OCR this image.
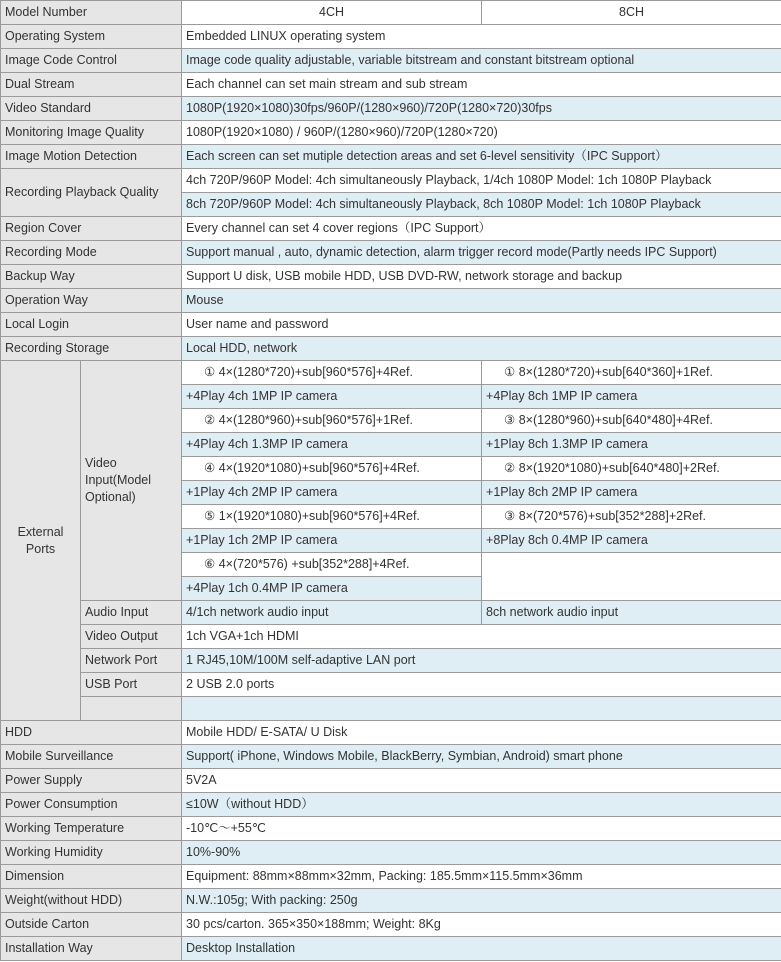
Model Number		4CH	8CH
Operating System		Embedded LINUX operating system	
Image Code Control		Image code quality adjustable, variable bitstream and constant bitstream optional	
Dual Stream		Each channel can set main stream and sub stream	
Video Standard		1080P(1920×1080)30fps/960P/(1280×960)/720P(1280×720)30fps	
Monitoring Image Quality		1080P(1920×1080) / 960P/(1280×960)/720P(1280×720)	
Image Motion Detection		Each screen can set mutiple detection areas and set 6-level sensitivity（IPC Support）	
Recording Playback Quality		4ch 720P/960P Model: 4ch simultaneously Playback, 1/4ch 1080P Model: 1ch 1080P Playback	
		8ch 720P/960P Model: 4ch simultaneously Playback, 8ch 1080P Model: 1ch 1080P Playback	
Region Cover		Every channel can set 4 cover regions（IPC Support）	
Recording Mode		Support manual , auto, dynamic detection, alarm trigger record mode(Partly needs IPC Support)	
Backup Way		Support U disk, USB mobile HDD, USB DVD-RW, network storage and backup	
Operation Way		Mouse	
Local Login		User name and password	
Recording Storage		Local HDD, network	
External Ports	Video Input(Model Optional)	① 4×(1280*720)+sub[960*576]+4Ref.	① 8×(1280*720)+sub[640*360]+1Ref.
		+4Play 4ch 1MP IP camera	+4Play 8ch 1MP IP camera
		② 4×(1280*960)+sub[960*576]+1Ref.	③ 8×(1280*960)+sub[640*480]+4Ref.
		+4Play 4ch 1.3MP IP camera	+1Play 8ch 1.3MP IP camera
		④ 4×(1920*1080)+sub[960*576]+4Ref.	② 8×(1920*1080)+sub[640*480]+2Ref.
		+1Play 4ch 2MP IP camera	+1Play 8ch 2MP IP camera
		⑤ 1×(1920*1080)+sub[960*576]+4Ref.	③ 8×(720*576)+sub[352*288]+2Ref.
		+1Play 1ch 2MP IP camera	+8Play 8ch 0.4MP IP camera
		⑥ 4×(720*576) +sub[352*288]+4Ref.	
		+4Play 1ch 0.4MP IP camera	
	Audio Input	4/1ch network audio input	8ch network audio input
	Video Output	1ch VGA+1ch HDMI	
	Network Port	1 RJ45,10M/100M self-adaptive LAN port	
	USB Port	2 USB 2.0 ports	

HDD		Mobile HDD/ E-SATA/ U Disk	
Mobile Surveillance		Support( iPhone, Windows Mobile, BlackBerry, Symbian, Android) smart phone	
Power Supply		5V2A	
Power Consumption		≤10W（without HDD）	
Working Temperature		-10℃～+55℃	
Working Humidity		10%-90%	
Dimension		Equipment: 88mm×88mm×32mm, Packing: 185.5mm×115.5mm×36mm	
Weight(without HDD)		N.W.:105g; With packing: 250g	
Outside Carton		30 pcs/carton. 365×350×188mm; Weight: 8Kg	
Installation Way		Desktop Installation	
